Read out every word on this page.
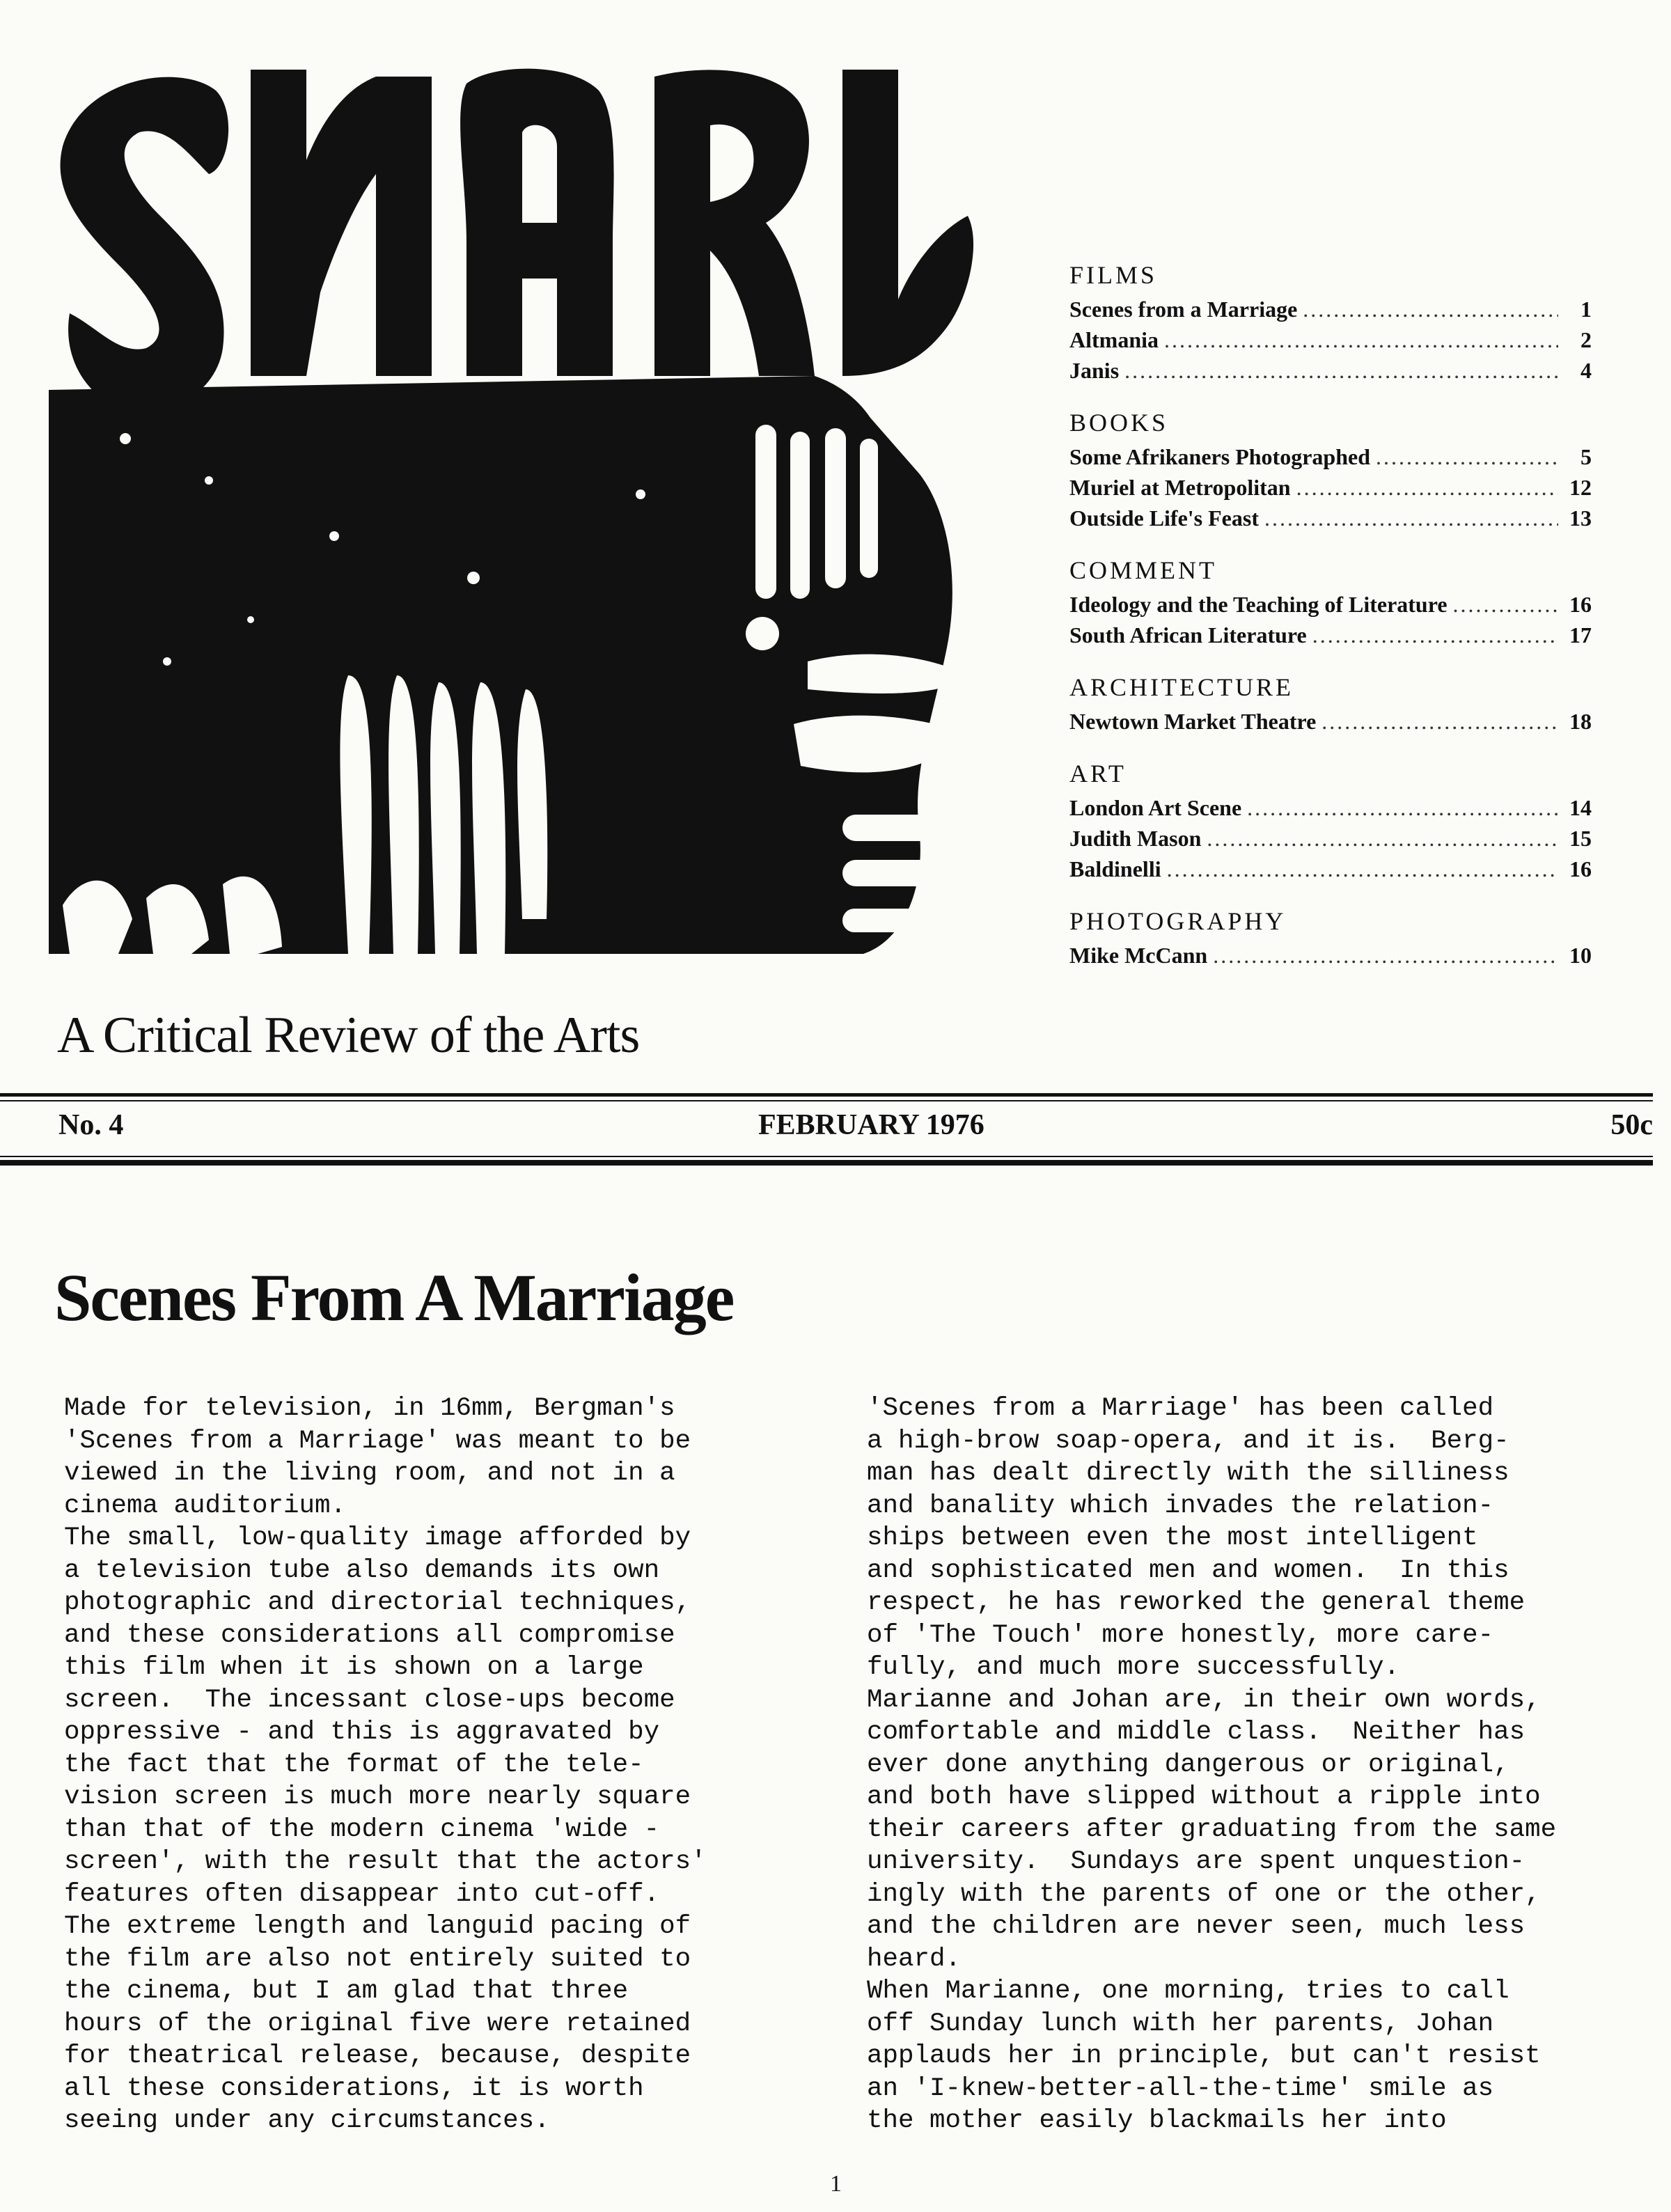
A Critical Review of the Arts
FILMS
Scenes from a Marriage .....	1
Altmania .....	2
Janis .....	4
BOOKS
Some Afrikaners Photographed .....	5
Muriel at Metropolitan .....	12
Outside Life's Feast .....	13
COMMENT
Ideology and the Teaching of Literature .....	16
South African Literature .....	17
ARCHITECTURE
Newtown Market Theatre .....	18
ART
London Art Scene .....	14
Judith Mason .....	15
Baldinelli .....	16
PHOTOGRAPHY
Mike McCann .....	10
No. 4	FEBRUARY 1976	50c
Scenes From A Marriage
Made for television, in 16mm, Bergman's
'Scenes from a Marriage' was meant to be
viewed in the living room, and not in a
cinema auditorium.
The small, low-quality image afforded by
a television tube also demands its own
photographic and directorial techniques,
and these considerations all compromise
this film when it is shown on a large
screen.  The incessant close-ups become
oppressive - and this is aggravated by
the fact that the format of the tele-
vision screen is much more nearly square
than that of the modern cinema 'wide -
screen', with the result that the actors'
features often disappear into cut-off.
The extreme length and languid pacing of
the film are also not entirely suited to
the cinema, but I am glad that three
hours of the original five were retained
for theatrical release, because, despite
all these considerations, it is worth
seeing under any circumstances.
'Scenes from a Marriage' has been called
a high-brow soap-opera, and it is.  Berg-
man has dealt directly with the silliness
and banality which invades the relation-
ships between even the most intelligent
and sophisticated men and women.  In this
respect, he has reworked the general theme
of 'The Touch' more honestly, more care-
fully, and much more successfully.
Marianne and Johan are, in their own words,
comfortable and middle class.  Neither has
ever done anything dangerous or original,
and both have slipped without a ripple into
their careers after graduating from the same
university.  Sundays are spent unquestion-
ingly with the parents of one or the other,
and the children are never seen, much less
heard.
When Marianne, one morning, tries to call
off Sunday lunch with her parents, Johan
applauds her in principle, but can't resist
an 'I-knew-better-all-the-time' smile as
the mother easily blackmails her into
1
